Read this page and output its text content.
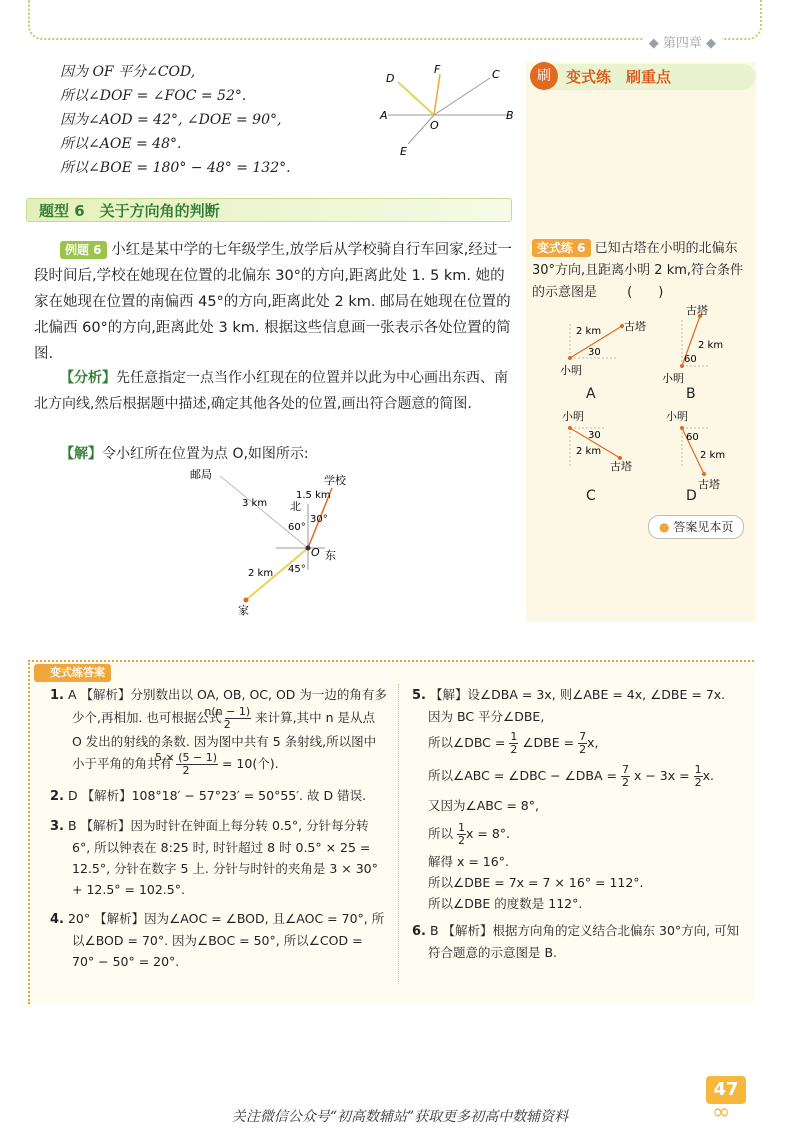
◆ 第四章 ◆
因为 OF 平分∠COD,
所以∠DOF = ∠FOC = 52°.
因为∠AOD = 42°, ∠DOE = 90°,
所以∠AOE = 48°.
所以∠BOE = 180° − 48° = 132°.
D
F	C
A
O
B
E
题型 6　关于方向角的判断
例题 6 小红是某中学的七年级学生,放学后从学校骑自行车回家,经过一段时间后,学校在她现在位置的北偏东 30°的方向,距离此处 1. 5 km. 她的家在她现在位置的南偏西 45°的方向,距离此处 2 km. 邮局在她现在位置的北偏西 60°的方向,距离此处 3 km. 根据这些信息画一张表示各处位置的简图.
【分析】先任意指定一点当作小红现在的位置并以此为中心画出东西、南北方向线,然后根据题中描述,确定其他各处的位置,画出符合题意的简图.
【解】令小红所在位置为点 O,如图所示:
邮局	学校
家
北
东
O
3 km
1.5 km
2 km
60°
30°
45°
变式练　刷重点
刷
变式练 6 已知古塔在小明的北偏东 30°方向,且距离小明 2 km,符合条件的示意图是 (　　)
2 km
30
古塔
小明
A
古塔
2 km
60
小明
B
小明
30
2 km
古塔
C
小明
60
2 km
古塔
D
● 答案见本页
变式练答案
1. A 【解析】分别数出以 OA, OB, OC, OD 为一边的角有多少个,再相加. 也可根据公式 $\frac{n(n - 1)}{2}$ 来计算,其中 n 是从点 O 发出的射线的条数. 因为图中共有 5 条射线,所以图中小于平角的角共有 $\frac{5 \times (5 - 1)}{2} = 10$(个).
2. D 【解析】108°18′ − 57°23′ = 50°55′. 故 D 错误.
3. B 【解析】因为时针在钟面上每分转 0.5°, 分针每分转 6°, 所以钟表在 8:25 时, 时针超过 8 时 0.5° × 25 = 12.5°, 分针在数字 5 上. 分针与时针的夹角是 3 × 30° + 12.5° = 102.5°.
4. 20° 【解析】因为∠AOC = ∠BOD, 且∠AOC = 70°, 所以∠BOD = 70°. 因为∠BOC = 50°, 所以∠COD = 70° − 50° = 20°.
5. 【解】设∠DBA = 3x, 则∠ABE = 4x, ∠DBE = 7x.
因为 BC 平分∠DBE,
所以∠DBC = $\frac{1}{2}$ ∠DBE = $\frac{7}{2} x$,
所以∠ABC = ∠DBC − ∠DBA = $\frac{7}{2}$ $x - 3x = \frac{1}{2} x$.
又因为∠ABC = 8°,
所以 $\frac{1}{2}$ x = 8°.
解得 x = 16°.
所以∠DBE = 7x = 7 × 16° = 112°.
所以∠DBE 的度数是 112°.
6. B 【解析】根据方向角的定义结合北偏东 30°方向, 可知符合题意的示意图是 B.
47
∞
关注微信公众号“初高数辅站”获取更多初高中数辅资料
